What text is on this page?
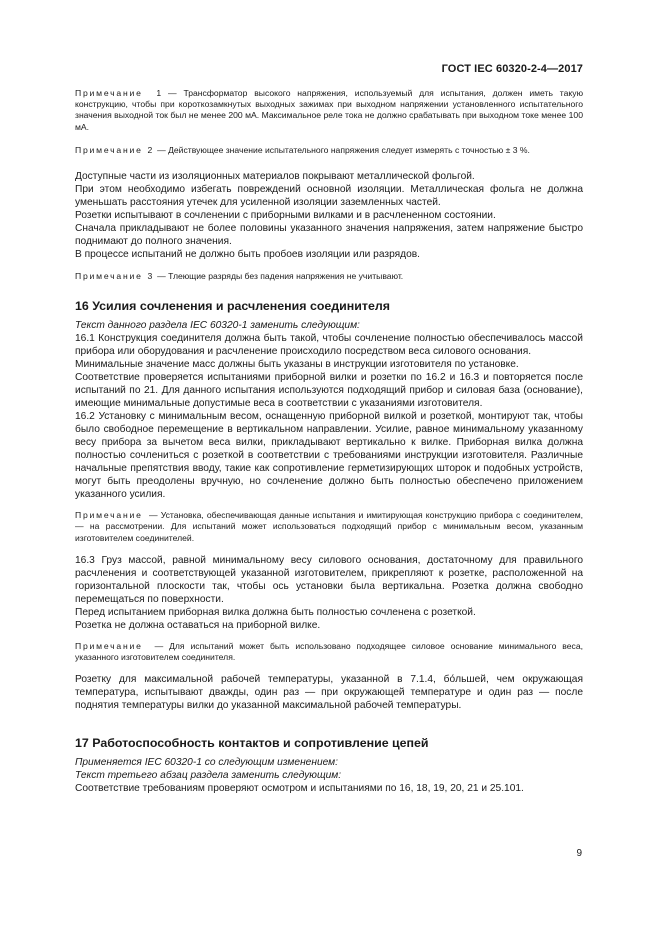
ГОСТ IEC 60320-2-4—2017

Примечание 1 — Трансформатор высокого напряжения, используемый для испытания, должен иметь такую конструкцию, чтобы при короткозамкнутых выходных зажимах при выходном напряжении установленного испытательного значения выходной ток был не менее 200 мА. Максимальное реле тока не должно срабатывать при выходном токе менее 100 мА.

Примечание 2 — Действующее значение испытательного напряжения следует измерять с точностью ± 3 %.

Доступные части из изоляционных материалов покрывают металлической фольгой.

При этом необходимо избегать повреждений основной изоляции. Металлическая фольга не должна уменьшать расстояния утечек для усиленной изоляции заземленных частей.

Розетки испытывают в сочленении с приборными вилками и в расчлененном состоянии.

Сначала прикладывают не более половины указанного значения напряжения, затем напряжение быстро поднимают до полного значения.

В процессе испытаний не должно быть пробоев изоляции или разрядов.

Примечание 3 — Тлеющие разряды без падения напряжения не учитывают.

16 Усилия сочленения и расчленения соединителя

Текст данного раздела IEC 60320-1 заменить следующим:

16.1 Конструкция соединителя должна быть такой, чтобы сочленение полностью обеспечивалось массой прибора или оборудования и расчленение происходило посредством веса силового основания.

Минимальные значение масс должны быть указаны в инструкции изготовителя по установке.

Соответствие проверяется испытаниями приборной вилки и розетки по 16.2 и 16.3 и повторяется после испытаний по 21. Для данного испытания используются подходящий прибор и силовая база (основание), имеющие минимальные допустимые веса в соответствии с указаниями изготовителя.

16.2 Установку с минимальным весом, оснащенную приборной вилкой и розеткой, монтируют так, чтобы было свободное перемещение в вертикальном направлении. Усилие, равное минимальному указанному весу прибора за вычетом веса вилки, прикладывают вертикально к вилке. Приборная вилка должна полностью сочлениться с розеткой в соответствии с требованиями инструкции изготовителя. Различные начальные препятствия вводу, такие как сопротивление герметизирующих шторок и подобных устройств, могут быть преодолены вручную, но сочленение должно быть полностью обеспечено приложением указанного усилия.

Примечание — Установка, обеспечивающая данные испытания и имитирующая конструкцию прибора с соединителем, — на рассмотрении. Для испытаний может использоваться подходящий прибор с минимальным весом, указанным изготовителем соединителей.

16.3 Груз массой, равной минимальному весу силового основания, достаточному для правильного расчленения и соответствующей указанной изготовителем, прикрепляют к розетке, расположенной на горизонтальной плоскости так, чтобы ось установки была вертикальна. Розетка должна свободно перемещаться по поверхности.

Перед испытанием приборная вилка должна быть полностью сочленена с розеткой.

Розетка не должна оставаться на приборной вилке.

Примечание — Для испытаний может быть использовано подходящее силовое основание минимального веса, указанного изготовителем соединителя.

Розетку для максимальной рабочей температуры, указанной в 7.1.4, бо́льшей, чем окружающая температура, испытывают дважды, один раз — при окружающей температуре и один раз — после поднятия температуры вилки до указанной максимальной рабочей температуры.

17 Работоспособность контактов и сопротивление цепей

Применяется IEC 60320-1 со следующим изменением:

Текст третьего абзац раздела заменить следующим:

Соответствие требованиям проверяют осмотром и испытаниями по 16, 18, 19, 20, 21 и 25.101.

9
